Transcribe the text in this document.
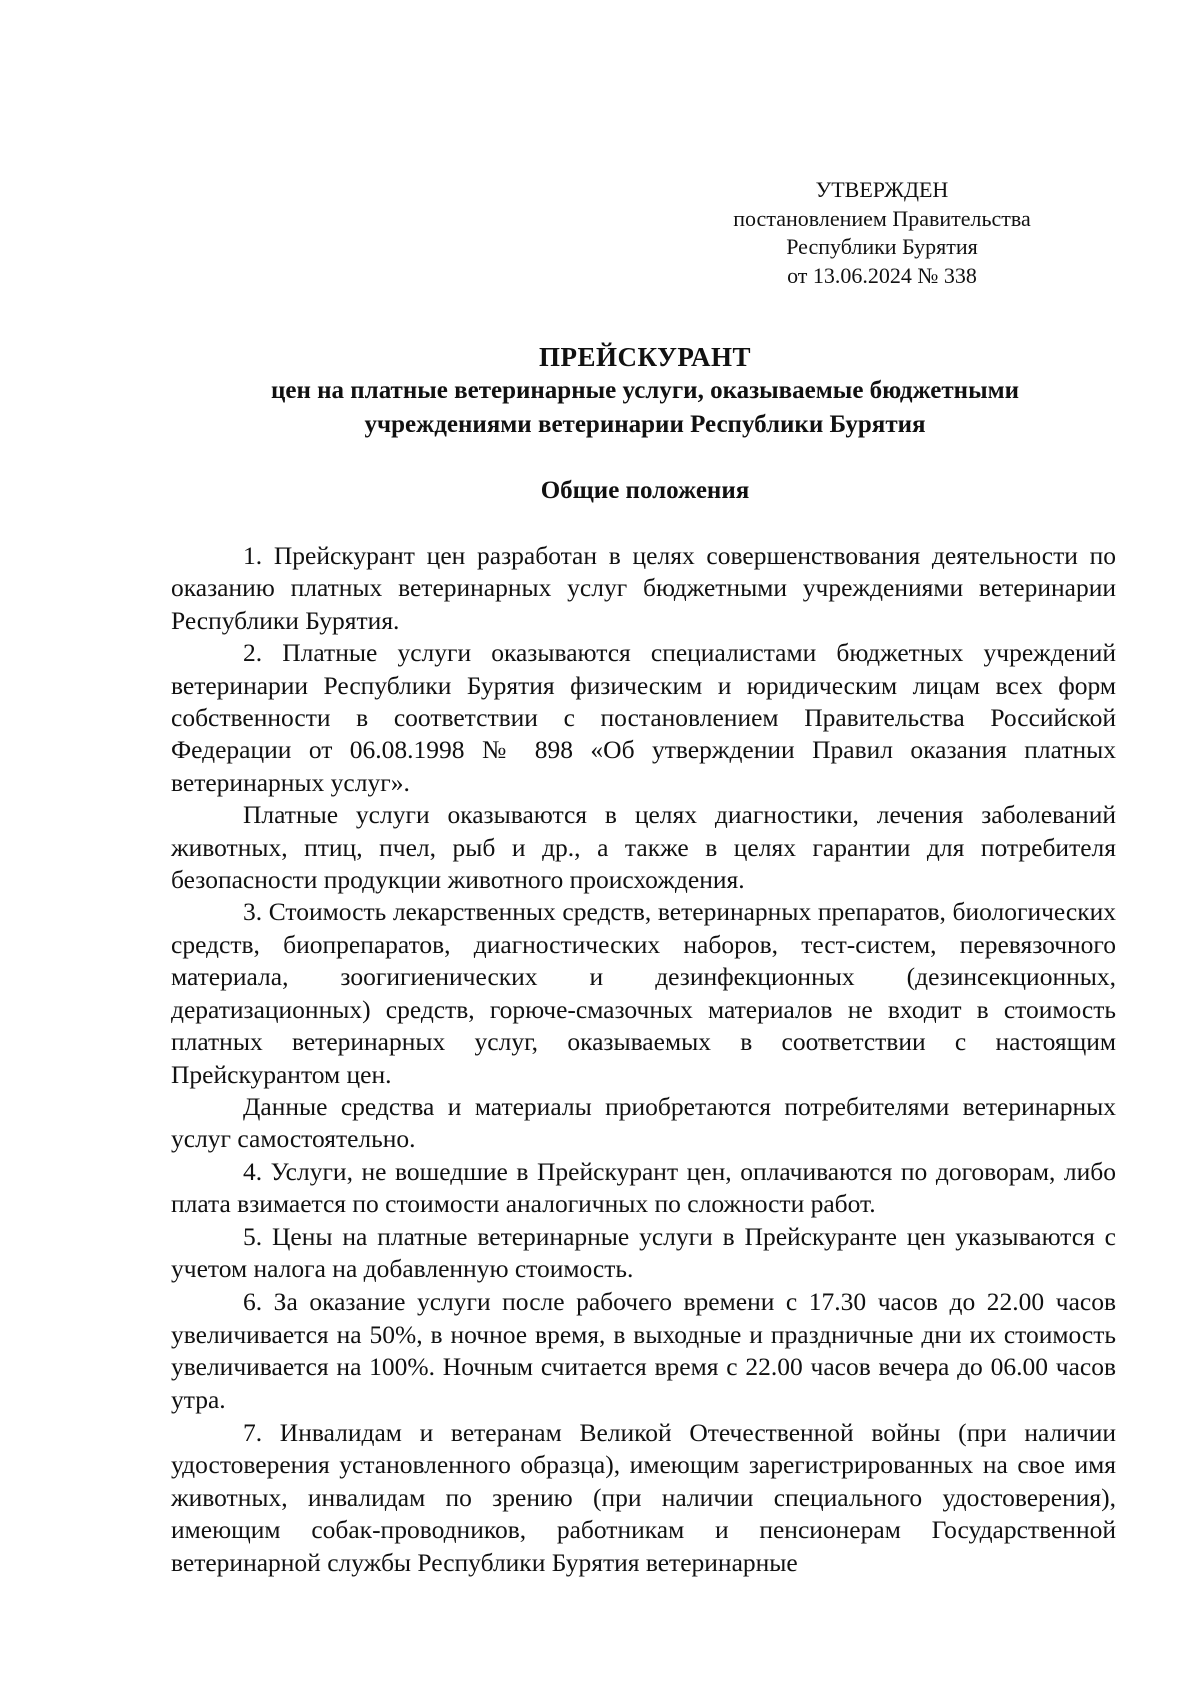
УТВЕРЖДЕН
постановлением Правительства
Республики Бурятия
от 13.06.2024 № 338
ПРЕЙСКУРАНТ
цен на платные ветеринарные услуги, оказываемые бюджетными
учреждениями ветеринарии Республики Бурятия
Общие положения

1. Прейскурант цен разработан в целях совершенствования деятельности по оказанию платных ветеринарных услуг бюджетными учреждениями ветеринарии Республики Бурятия.

2. Платные услуги оказываются специалистами бюджетных учреждений ветеринарии Республики Бурятия физическим и юридическим лицам всех форм собственности в соответствии с постановлением Правительства Российской Федерации от 06.08.1998 № 898 «Об утверждении Правил оказания платных ветеринарных услуг».

Платные услуги оказываются в целях диагностики, лечения заболеваний животных, птиц, пчел, рыб и др., а также в целях гарантии для потребителя безопасности продукции животного происхождения.

3. Стоимость лекарственных средств, ветеринарных препаратов, биологических средств, биопрепаратов, диагностических наборов, тест-систем, перевязочного материала, зоогигиенических и дезинфекционных (дезинсекционных, дератизационных) средств, горюче-смазочных материалов не входит в стоимость платных ветеринарных услуг, оказываемых в соответствии с настоящим Прейскурантом цен.

Данные средства и материалы приобретаются потребителями ветеринарных услуг самостоятельно.

4. Услуги, не вошедшие в Прейскурант цен, оплачиваются по договорам, либо плата взимается по стоимости аналогичных по сложности работ.

5. Цены на платные ветеринарные услуги в Прейскуранте цен указываются с учетом налога на добавленную стоимость.

6. За оказание услуги после рабочего времени с 17.30 часов до 22.00 часов увеличивается на 50%, в ночное время, в выходные и праздничные дни их стоимость увеличивается на 100%. Ночным считается время с 22.00 часов вечера до 06.00 часов утра.

7. Инвалидам и ветеранам Великой Отечественной войны (при наличии удостоверения установленного образца), имеющим зарегистрированных на свое имя животных, инвалидам по зрению (при наличии специального удостоверения), имеющим собак-проводников, работникам и пенсионерам Государственной ветеринарной службы Республики Бурятия ветеринарные
